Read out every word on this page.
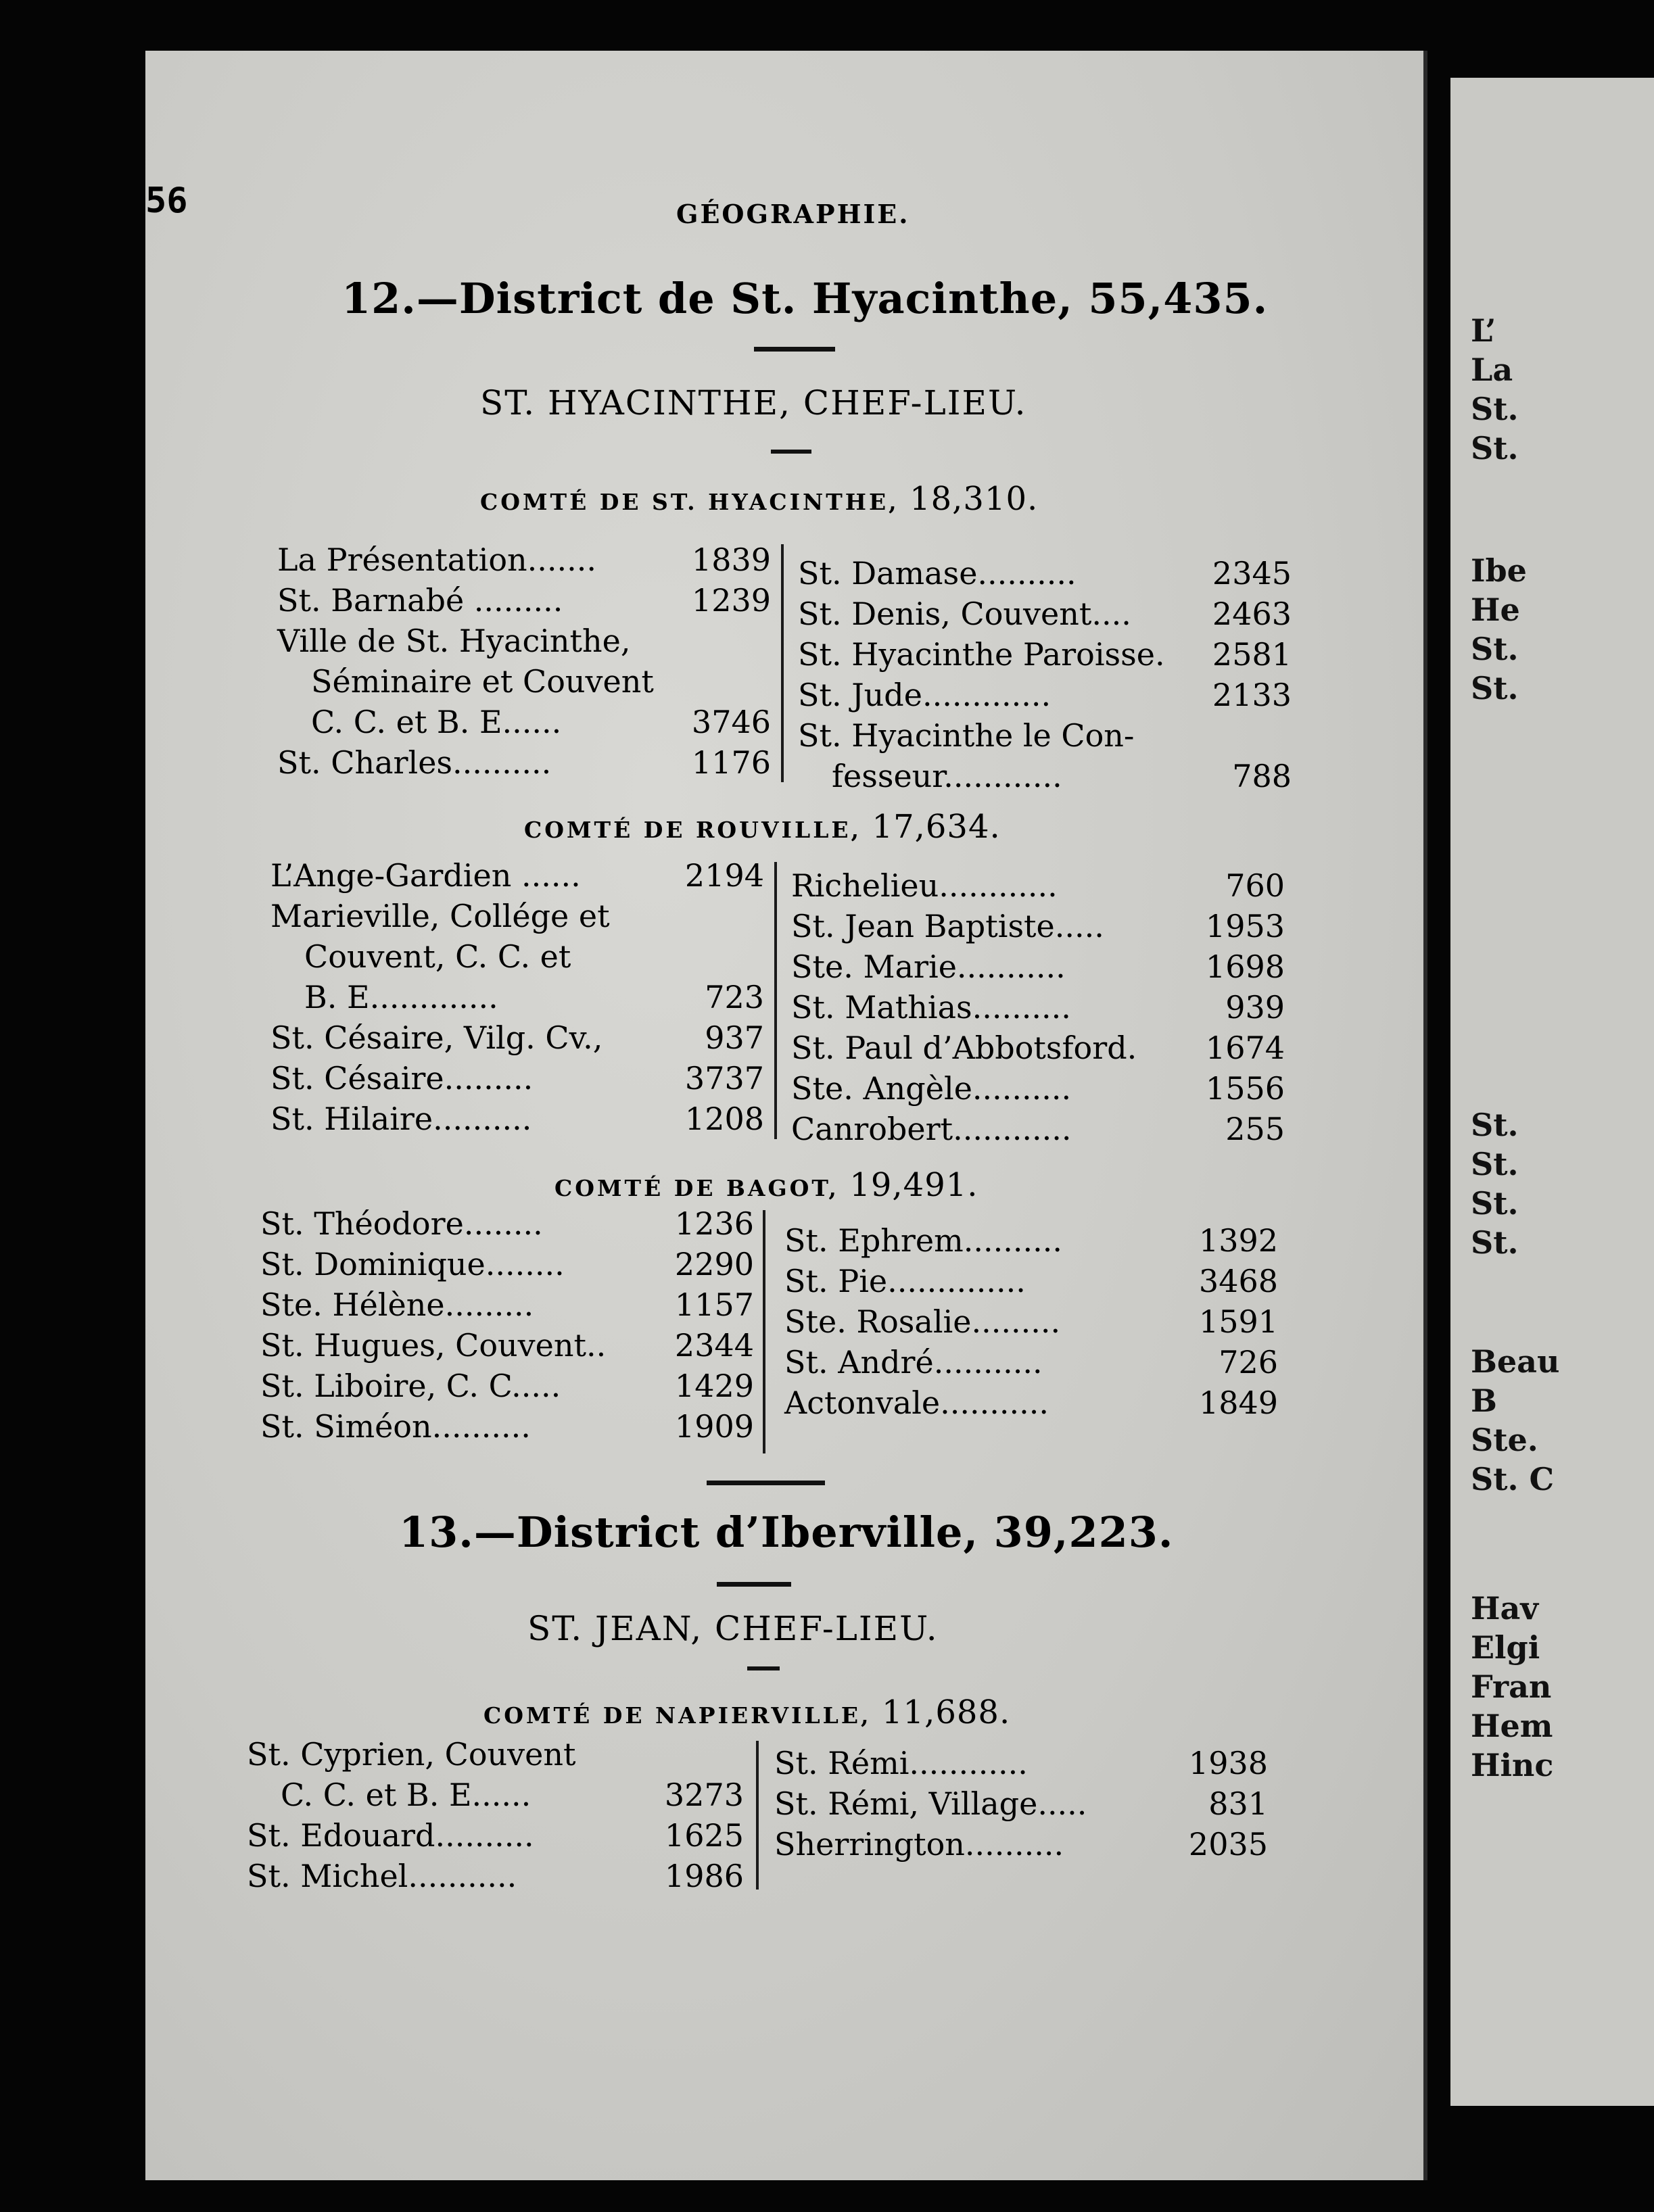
L’
La
St.
St.
Ibe
He
St.
St.
St.
St.
St.
St.
Beau
B
Ste.
St. C
Hav
Elgi
Fran
Hem
Hinc
56	GÉOGRAPHIE.
12.—District de St. Hyacinthe, 55,435.
ST. HYACINTHE, CHEF-LIEU.
COMTÉ DE ST. HYACINTHE, 18,310.
La Présentation.......	1839
St. Barnabé .........	1239
Ville de St. Hyacinthe,
Séminaire et Couvent
C. C. et B. E......	3746
St. Charles..........	1176
St. Damase..........	2345
St. Denis, Couvent....	2463
St. Hyacinthe Paroisse. 2581
St. Jude.............	2133
St. Hyacinthe le Con-
fesseur............	788
COMTÉ DE ROUVILLE, 17,634.
L’Ange-Gardien ......	2194
Marieville, Collége et
Couvent, C. C. et
B. E.............	723
St. Césaire, Vilg. Cv.,	937
St. Césaire.........	3737
St. Hilaire..........	1208
Richelieu............	760
St. Jean Baptiste.....	1953
Ste. Marie...........	1698
St. Mathias..........	939
St. Paul d’Abbotsford. 1674
Ste. Angèle..........	1556
Canrobert............	255
COMTÉ DE BAGOT, 19,491.
St. Théodore........	1236
St. Dominique........	2290
Ste. Hélène.........	1157
St. Hugues, Couvent.. 2344
St. Liboire, C. C.....	1429
St. Siméon..........	1909
St. Ephrem..........	1392
St. Pie..............	3468
Ste. Rosalie.........	1591
St. André...........	726
Actonvale...........	1849
13.—District d’Iberville, 39,223.
ST. JEAN, CHEF-LIEU.
COMTÉ DE NAPIERVILLE, 11,688.
St. Cyprien, Couvent
C. C. et B. E......	3273
St. Edouard..........	1625
St. Michel...........	1986
St. Rémi............	1938
St. Rémi, Village.....	831
Sherrington..........	2035
